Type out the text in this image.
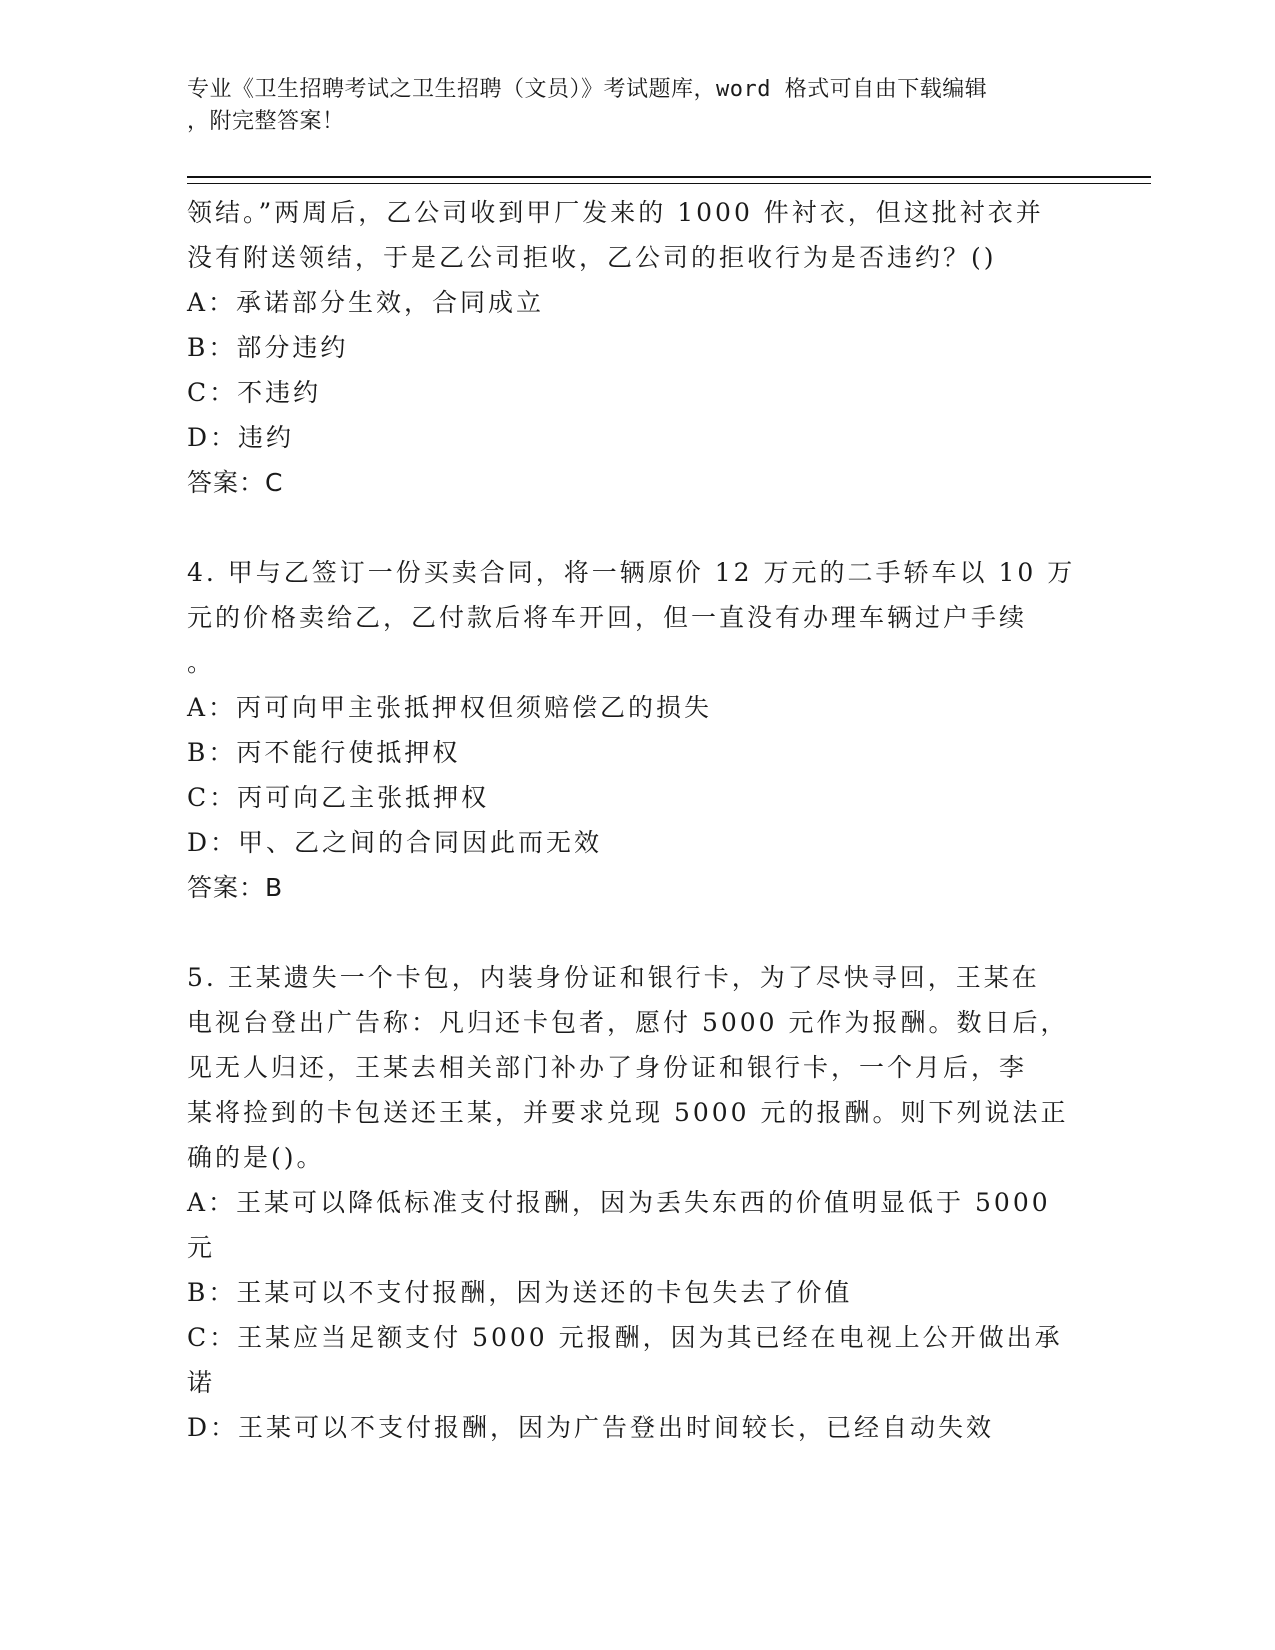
专业《卫生招聘考试之卫生招聘（文员）》考试题库，word 格式可自由下载编辑
，附完整答案！
领结。”两周后，乙公司收到甲厂发来的 1000 件衬衣，但这批衬衣并
没有附送领结，于是乙公司拒收，乙公司的拒收行为是否违约？()
A：承诺部分生效，合同成立
B：部分违约
C：不违约
D：违约
答案：C
4. 甲与乙签订一份买卖合同，将一辆原价 12 万元的二手轿车以 10 万
元的价格卖给乙，乙付款后将车开回，但一直没有办理车辆过户手续
。
A：丙可向甲主张抵押权但须赔偿乙的损失
B：丙不能行使抵押权
C：丙可向乙主张抵押权
D：甲、乙之间的合同因此而无效
答案：B
5. 王某遗失一个卡包，内装身份证和银行卡，为了尽快寻回，王某在
电视台登出广告称：凡归还卡包者，愿付 5000 元作为报酬。数日后，
见无人归还，王某去相关部门补办了身份证和银行卡，一个月后，李
某将捡到的卡包送还王某，并要求兑现 5000 元的报酬。则下列说法正
确的是()。
A：王某可以降低标准支付报酬，因为丢失东西的价值明显低于 5000
元
B：王某可以不支付报酬，因为送还的卡包失去了价值
C：王某应当足额支付 5000 元报酬，因为其已经在电视上公开做出承
诺
D：王某可以不支付报酬，因为广告登出时间较长，已经自动失效
